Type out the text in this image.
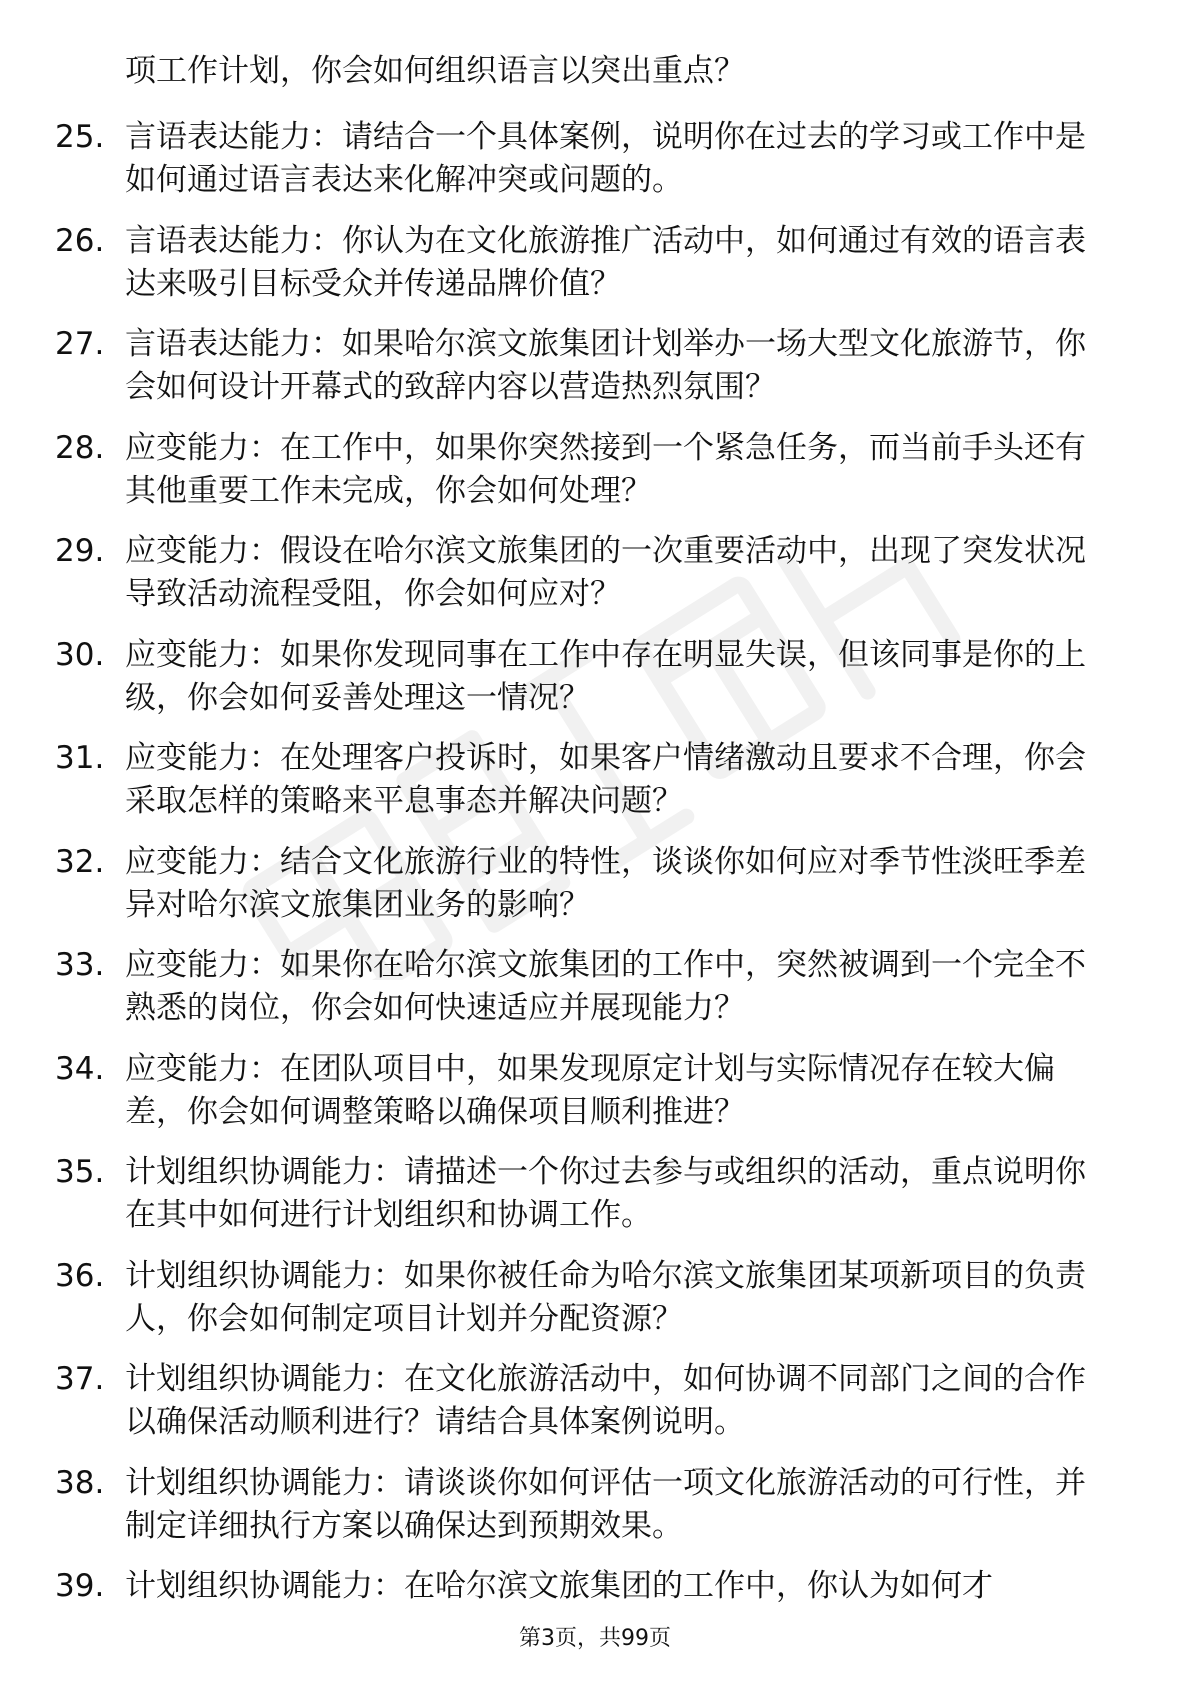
项工作计划，你会如何组织语言以突出重点？
25. 言语表达能力：请结合一个具体案例，说明你在过去的学习或工作中是如何通过语言表达来化解冲突或问题的。
26. 言语表达能力：你认为在文化旅游推广活动中，如何通过有效的语言表达来吸引目标受众并传递品牌价值？
27. 言语表达能力：如果哈尔滨文旅集团计划举办一场大型文化旅游节，你会如何设计开幕式的致辞内容以营造热烈氛围？
28. 应变能力：在工作中，如果你突然接到一个紧急任务，而当前手头还有其他重要工作未完成，你会如何处理？
29. 应变能力：假设在哈尔滨文旅集团的一次重要活动中，出现了突发状况导致活动流程受阻，你会如何应对？
30. 应变能力：如果你发现同事在工作中存在明显失误，但该同事是你的上级，你会如何妥善处理这一情况？
31. 应变能力：在处理客户投诉时，如果客户情绪激动且要求不合理，你会采取怎样的策略来平息事态并解决问题？
32. 应变能力：结合文化旅游行业的特性，谈谈你如何应对季节性淡旺季差异对哈尔滨文旅集团业务的影响？
33. 应变能力：如果你在哈尔滨文旅集团的工作中，突然被调到一个完全不熟悉的岗位，你会如何快速适应并展现能力？
34. 应变能力：在团队项目中，如果发现原定计划与实际情况存在较大偏差，你会如何调整策略以确保项目顺利推进？
35. 计划组织协调能力：请描述一个你过去参与或组织的活动，重点说明你在其中如何进行计划组织和协调工作。
36. 计划组织协调能力：如果你被任命为哈尔滨文旅集团某项新项目的负责人，你会如何制定项目计划并分配资源？
37. 计划组织协调能力：在文化旅游活动中，如何协调不同部门之间的合作以确保活动顺利进行？请结合具体案例说明。
38. 计划组织协调能力：请谈谈你如何评估一项文化旅游活动的可行性，并制定详细执行方案以确保达到预期效果。
39. 计划组织协调能力：在哈尔滨文旅集团的工作中，你认为如何才
第3页，共99页
